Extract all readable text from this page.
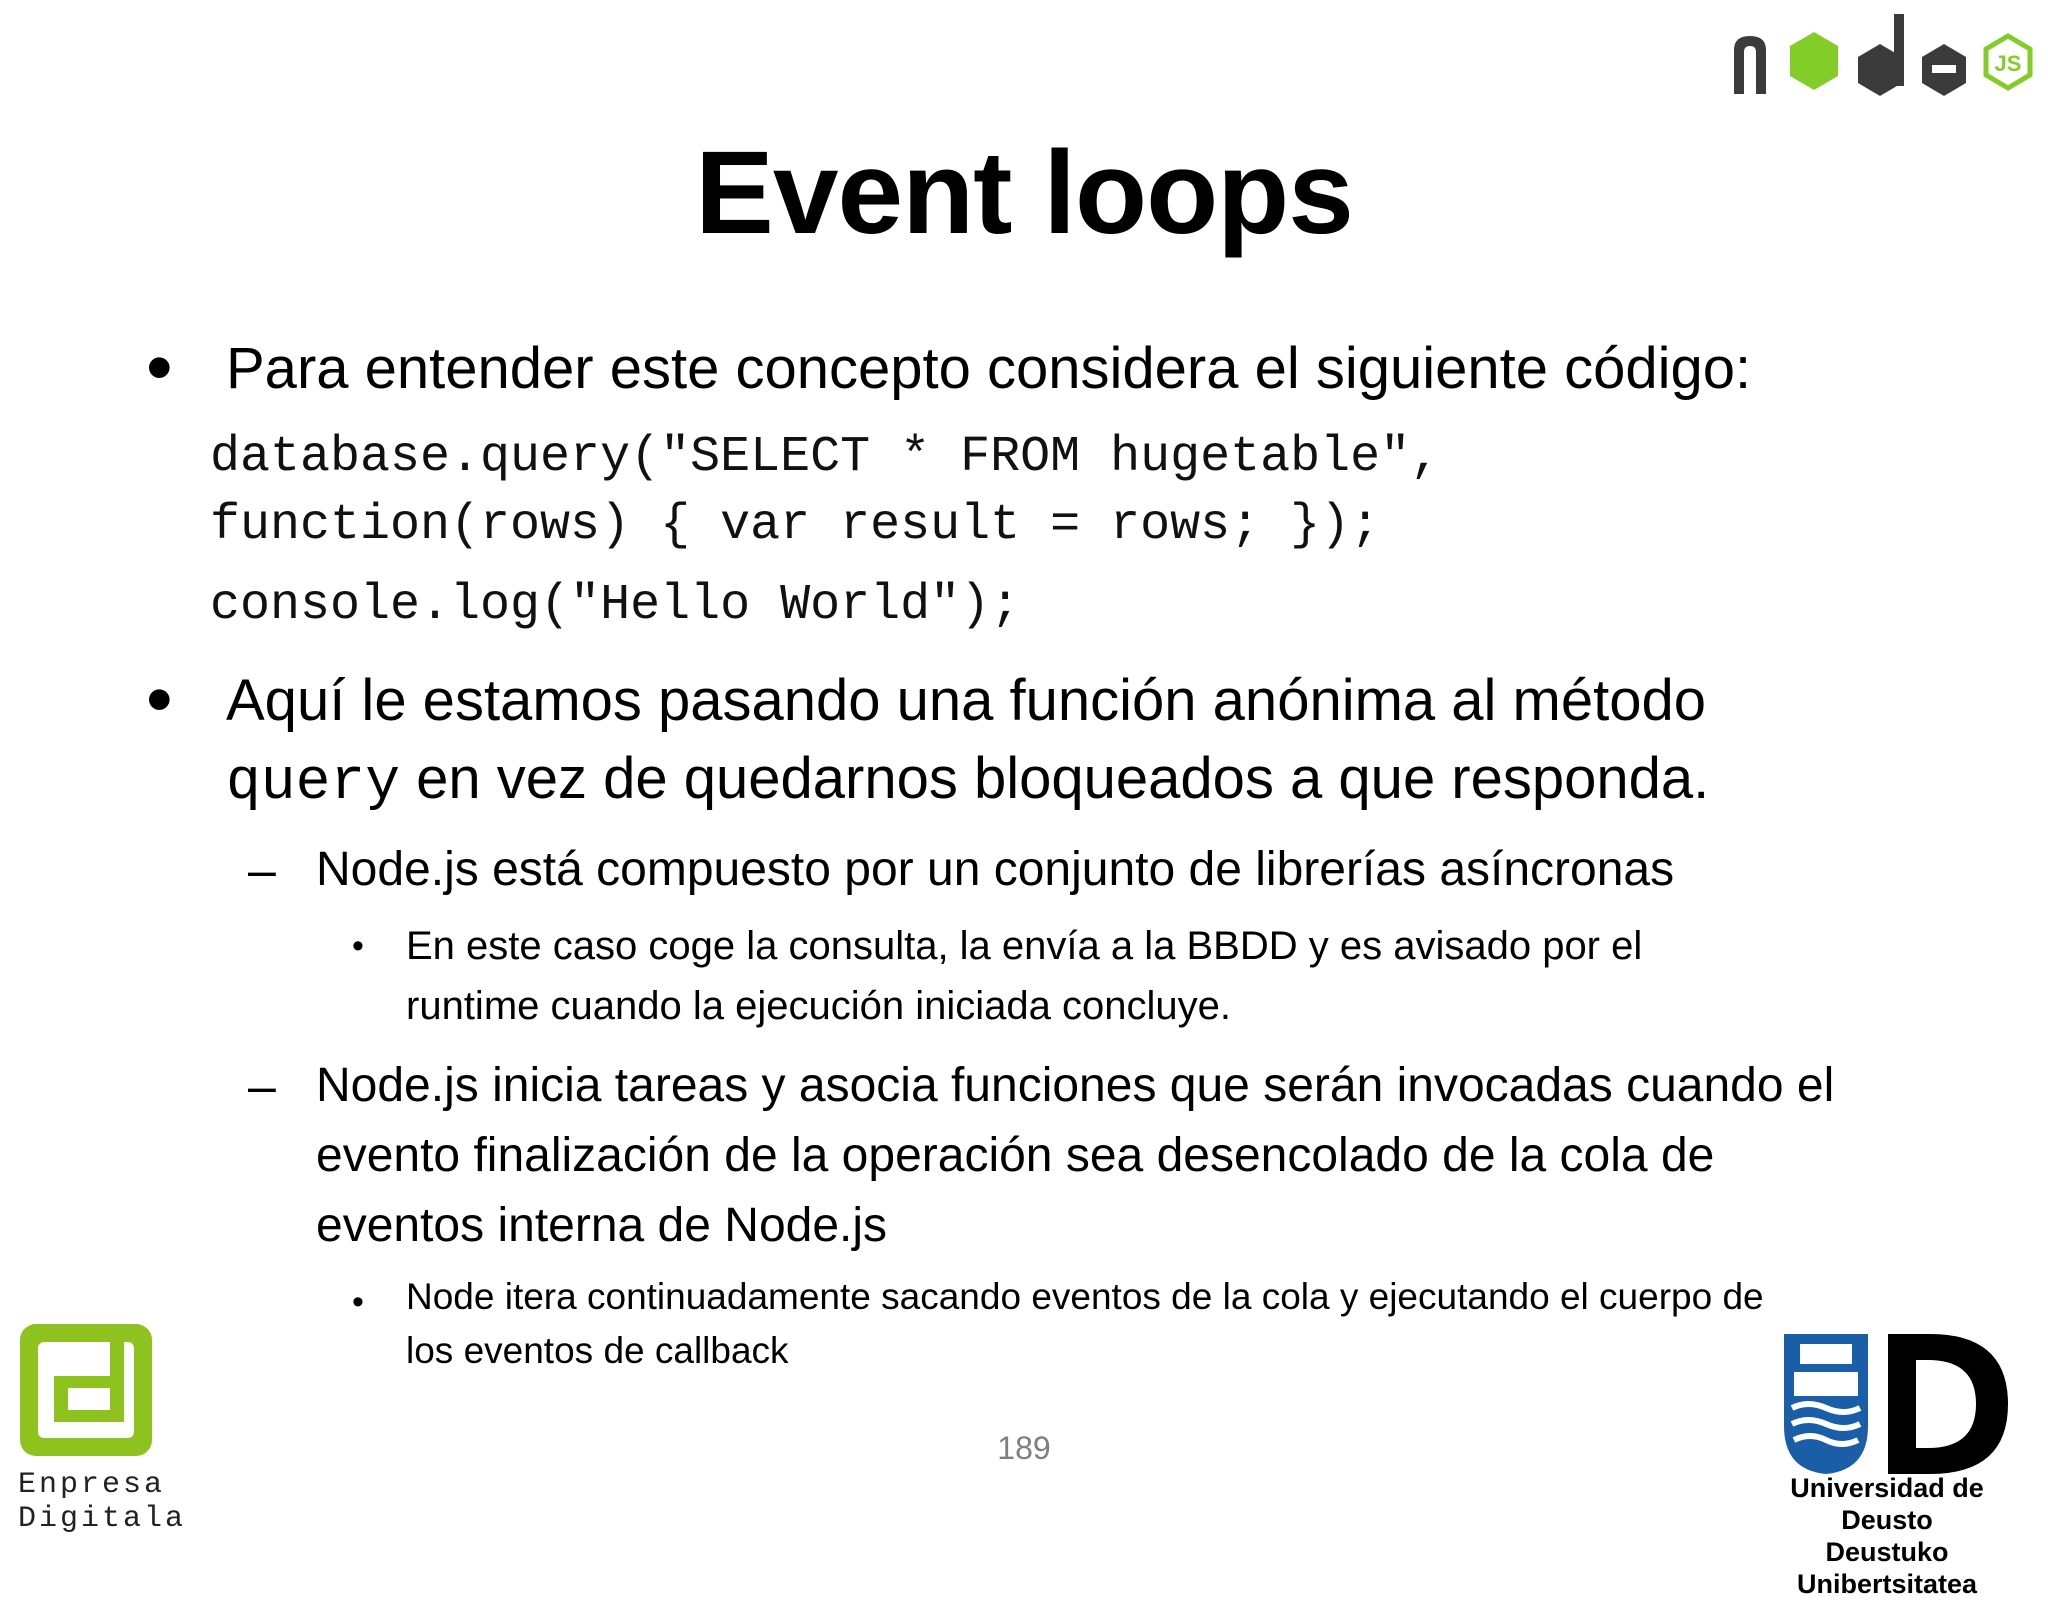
JS
Event loops
• Para entender este concepto considera el siguiente código:
database.query("SELECT * FROM hugetable",
function(rows) { var result = rows; });
console.log("Hello World");
• Aquí le estamos pasando una función anónima al método
query en vez de quedarnos bloqueados a que responda.
– Node.js está compuesto por un conjunto de librerías asíncronas
• En este caso coge la consulta, la envía a la BBDD y es avisado por el
runtime cuando la ejecución iniciada concluye.
– Node.js inicia tareas y asocia funciones que serán invocadas cuando el
evento finalización de la operación sea desencolado de la cola de
eventos interna de Node.js
• Node itera continuadamente sacando eventos de la cola y ejecutando el cuerpo de
los eventos de callback
189
Enpresa
Digitala
Universidad de Deusto
Deustuko Unibertsitatea
